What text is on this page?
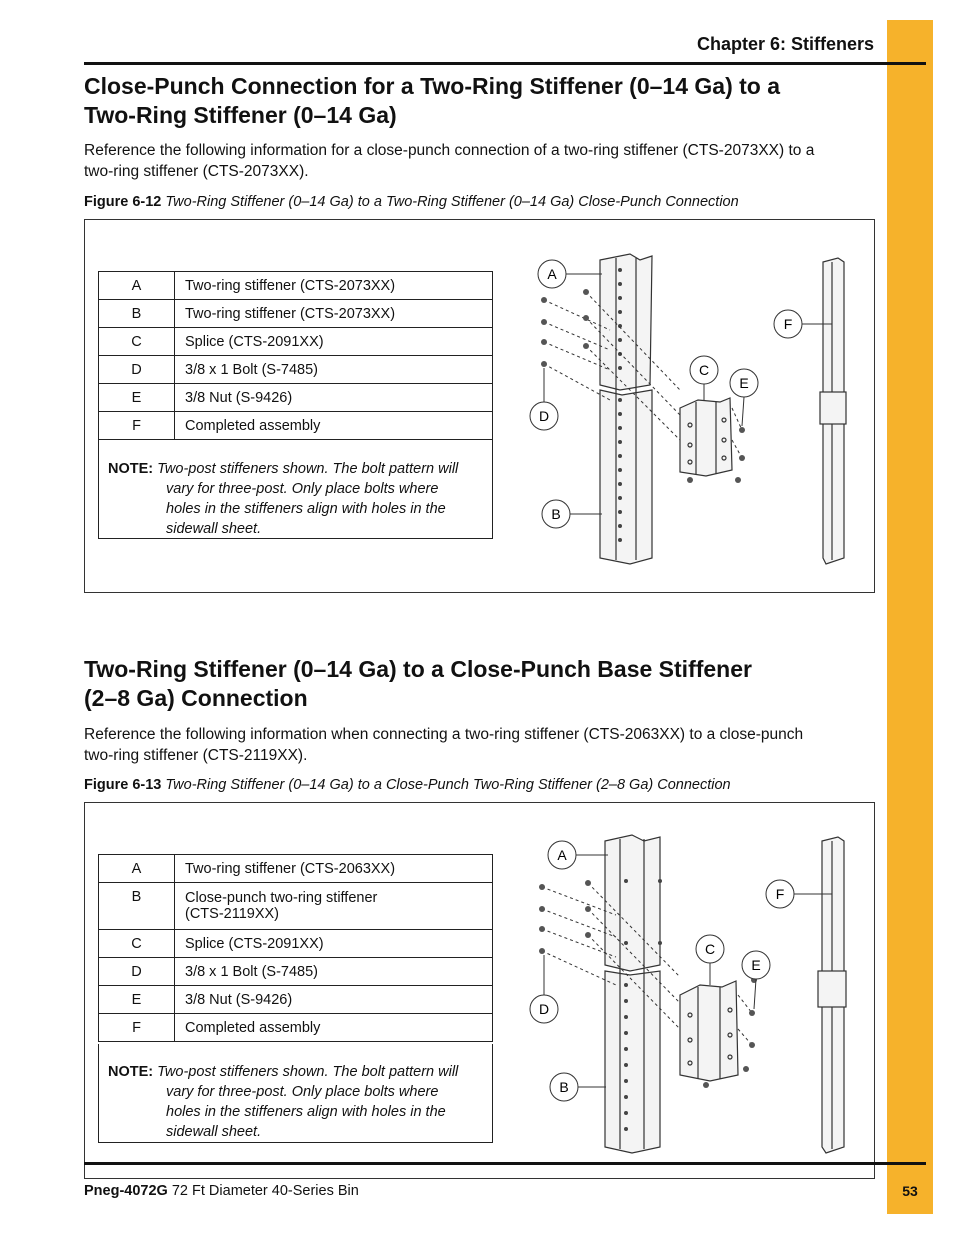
Chapter 6: Stiffeners
Close-Punch Connection for a Two-Ring Stiffener (0–14 Ga) to a
Two-Ring Stiffener (0–14 Ga)

Reference the following information for a close-punch connection of a two-ring stiffener (CTS-2073XX) to a
two-ring stiffener (CTS-2073XX).

Figure 6-12 Two-Ring Stiffener (0–14 Ga) to a Two-Ring Stiffener (0–14 Ga) Close-Punch Connection

A	Two-ring stiffener (CTS-2073XX)
B	Two-ring stiffener (CTS-2073XX)
C	Splice (CTS-2091XX)
D	3/8 x 1 Bolt (S-7485)
E	3/8 Nut (S-9426)
F	Completed assembly
NOTE: Two-post stiffeners shown. The bolt pattern will
vary for three-post. Only place bolts where
holes in the stiffeners align with holes in the
sidewall sheet.
A
B
C
D
E
F
Two-Ring Stiffener (0–14 Ga) to a Close-Punch Base Stiffener
(2–8 Ga) Connection

Reference the following information when connecting a two-ring stiffener (CTS-2063XX) to a close-punch
two-ring stiffener (CTS-2119XX).

Figure 6-13 Two-Ring Stiffener (0–14 Ga) to a Close-Punch Two-Ring Stiffener (2–8 Ga) Connection

A	Two-ring stiffener (CTS-2063XX)
B	Close-punch two-ring stiffener
(CTS-2119XX)
C	Splice (CTS-2091XX)
D	3/8 x 1 Bolt (S-7485)
E	3/8 Nut (S-9426)
F	Completed assembly
NOTE: Two-post stiffeners shown. The bolt pattern will
vary for three-post. Only place bolts where
holes in the stiffeners align with holes in the
sidewall sheet.
A
B
C
D
E
F
Pneg-4072G 72 Ft Diameter 40-Series Bin	53
